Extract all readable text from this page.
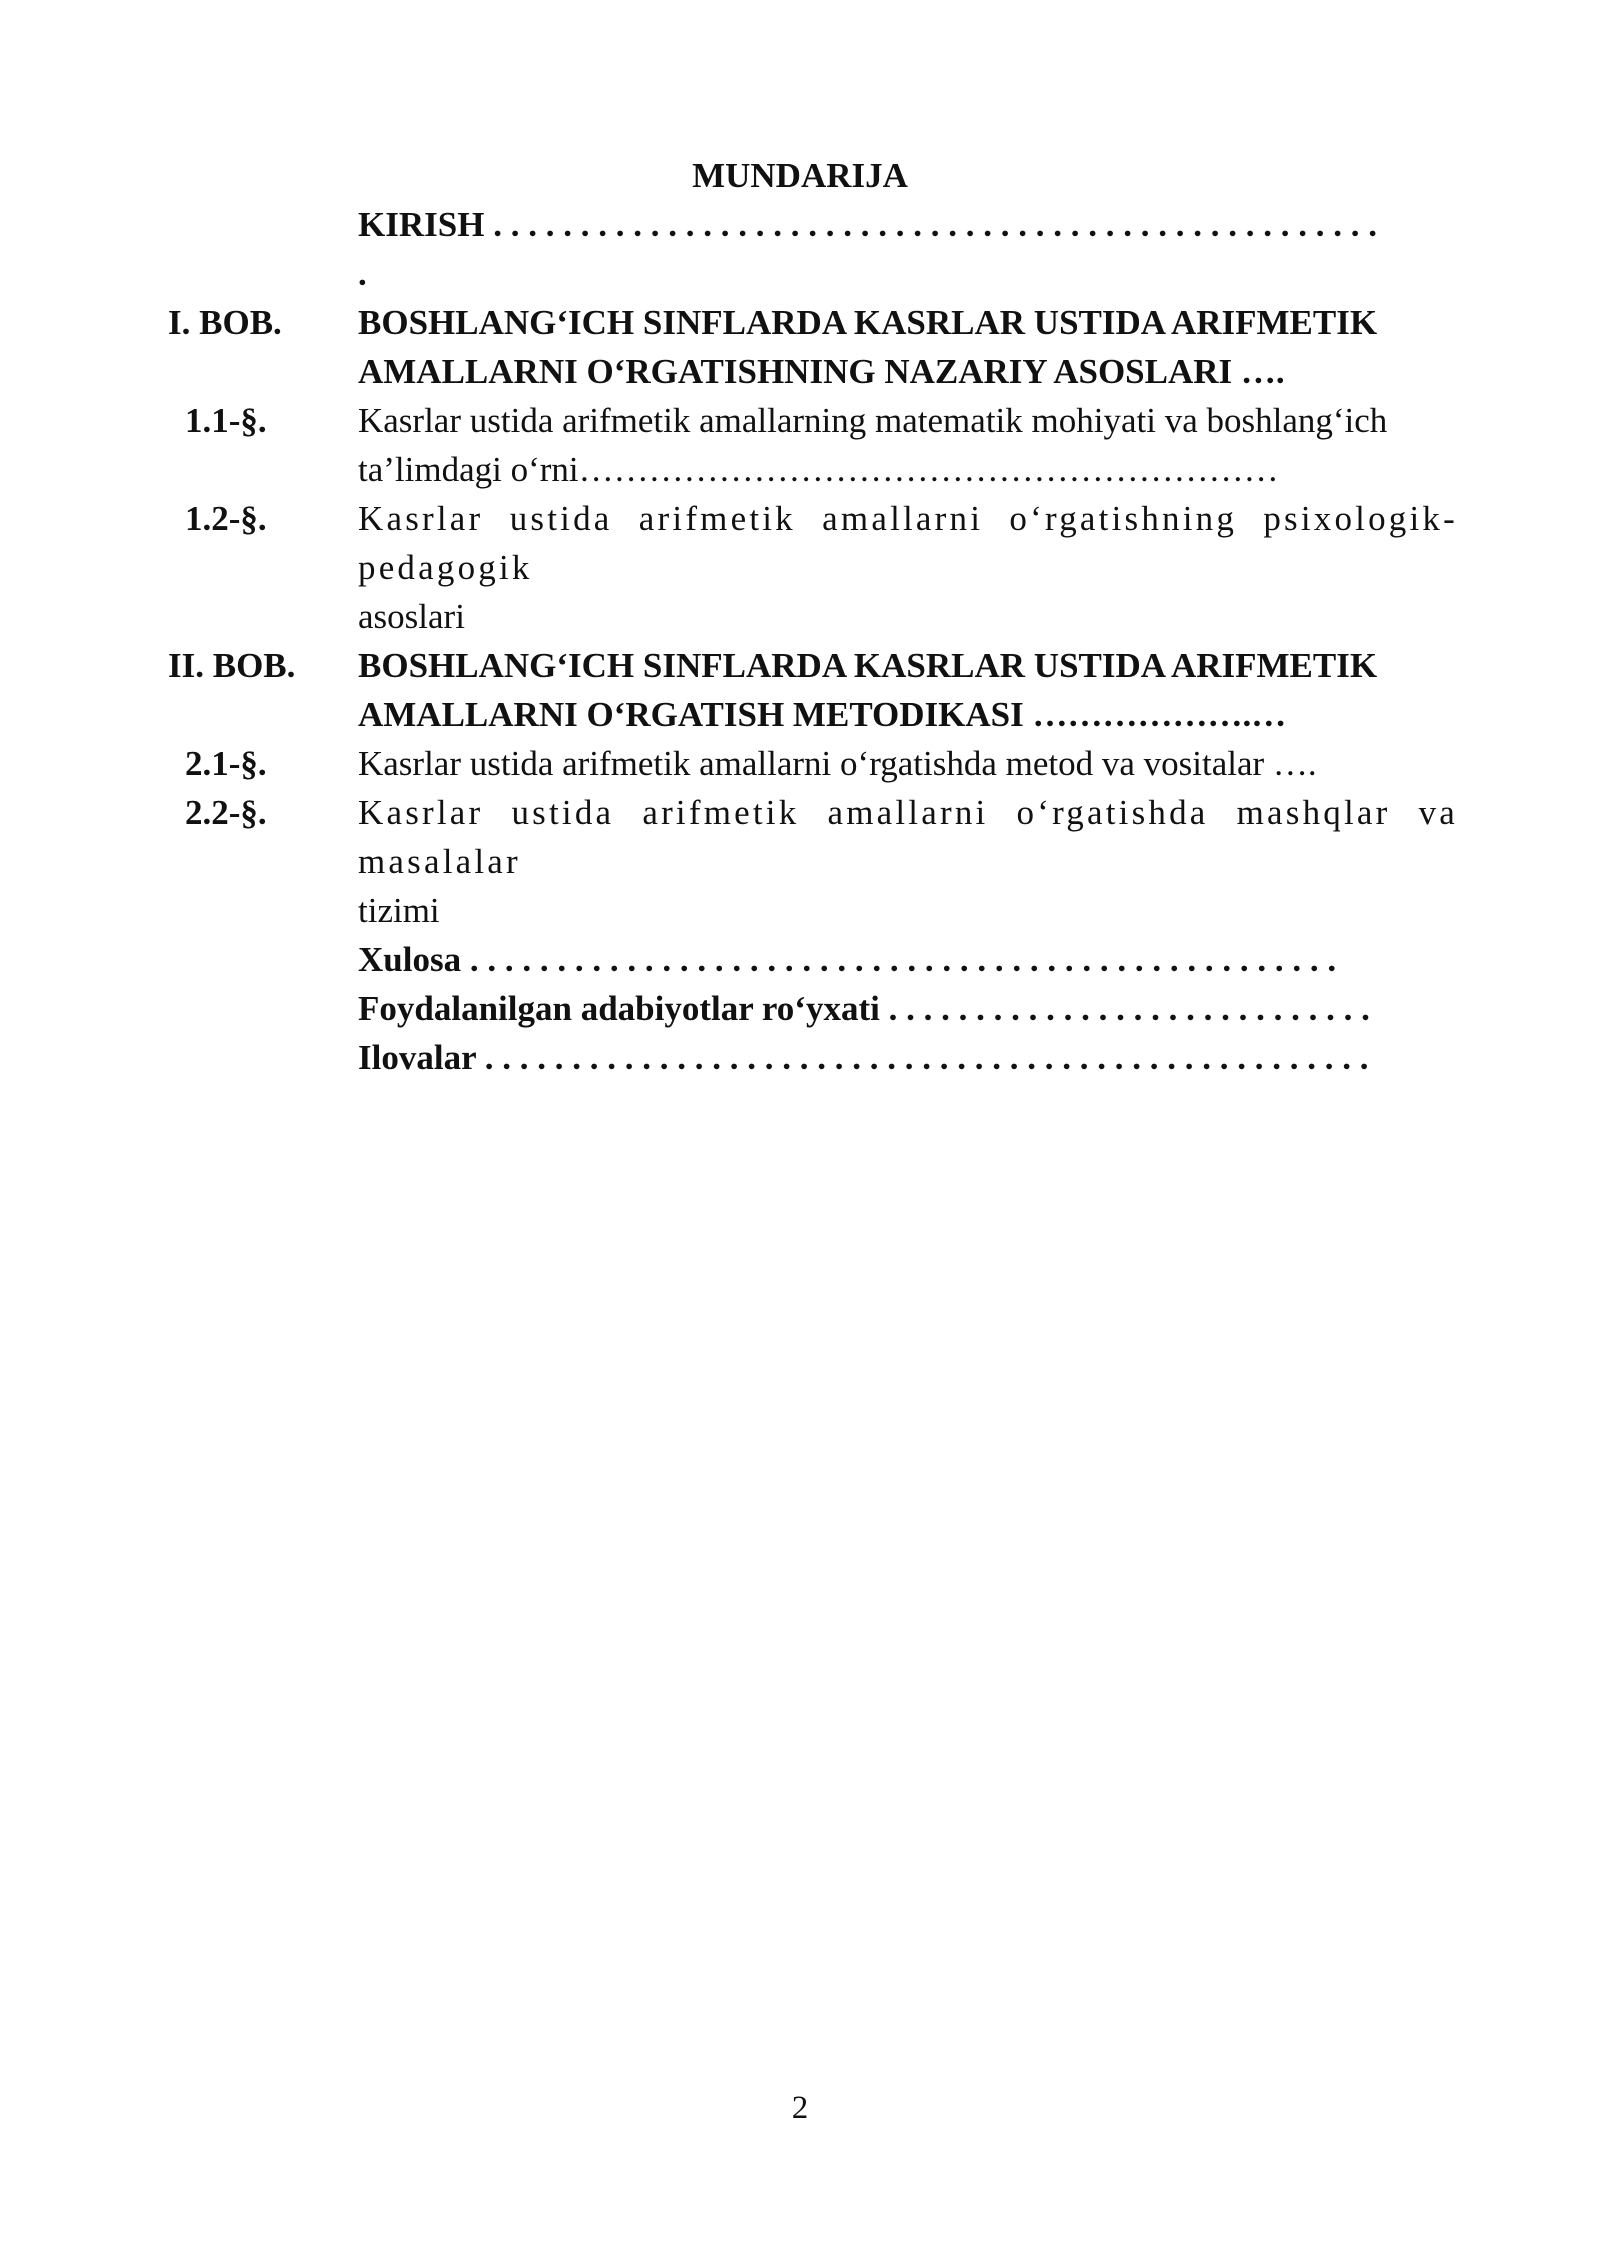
MUNDARIJA
KIRISH . . . . . . . . . . . . . . . . . . . . . . . . . . . . . . . . . . . . . . . . . . . . . . . . . . .
.
I. BOB.	BOSHLANG‘ICH SINFLARDA KASRLAR USTIDA ARIFMETIK
AMALLARNI O‘RGATISHNING NAZARIY ASOSLARI ….
1.1-§.	Kasrlar ustida arifmetik amallarning matematik mohiyati va boshlang‘ich
ta’limdagi o‘rni……………………………………………………
1.2-§.	Kasrlar ustida arifmetik amallarni o‘rgatishning psixologik-pedagogik
asoslari
II. BOB.	BOSHLANG‘ICH SINFLARDA KASRLAR USTIDA ARIFMETIK
AMALLARNI O‘RGATISH METODIKASI ……………….…
2.1-§.	Kasrlar ustida arifmetik amallarni o‘rgatishda metod va vositalar ….
2.2-§.	Kasrlar ustida arifmetik amallarni o‘rgatishda mashqlar va masalalar
tizimi
Xulosa . . . . . . . . . . . . . . . . . . . . . . . . . . . . . . . . . . . . . . . . . . . . . . . . . .
Foydalanilgan adabiyotlar ro‘yxati . . . . . . . . . . . . . . . . . . . . . . . . . . . .
Ilovalar . . . . . . . . . . . . . . . . . . . . . . . . . . . . . . . . . . . . . . . . . . . . . . . . . . .
2
